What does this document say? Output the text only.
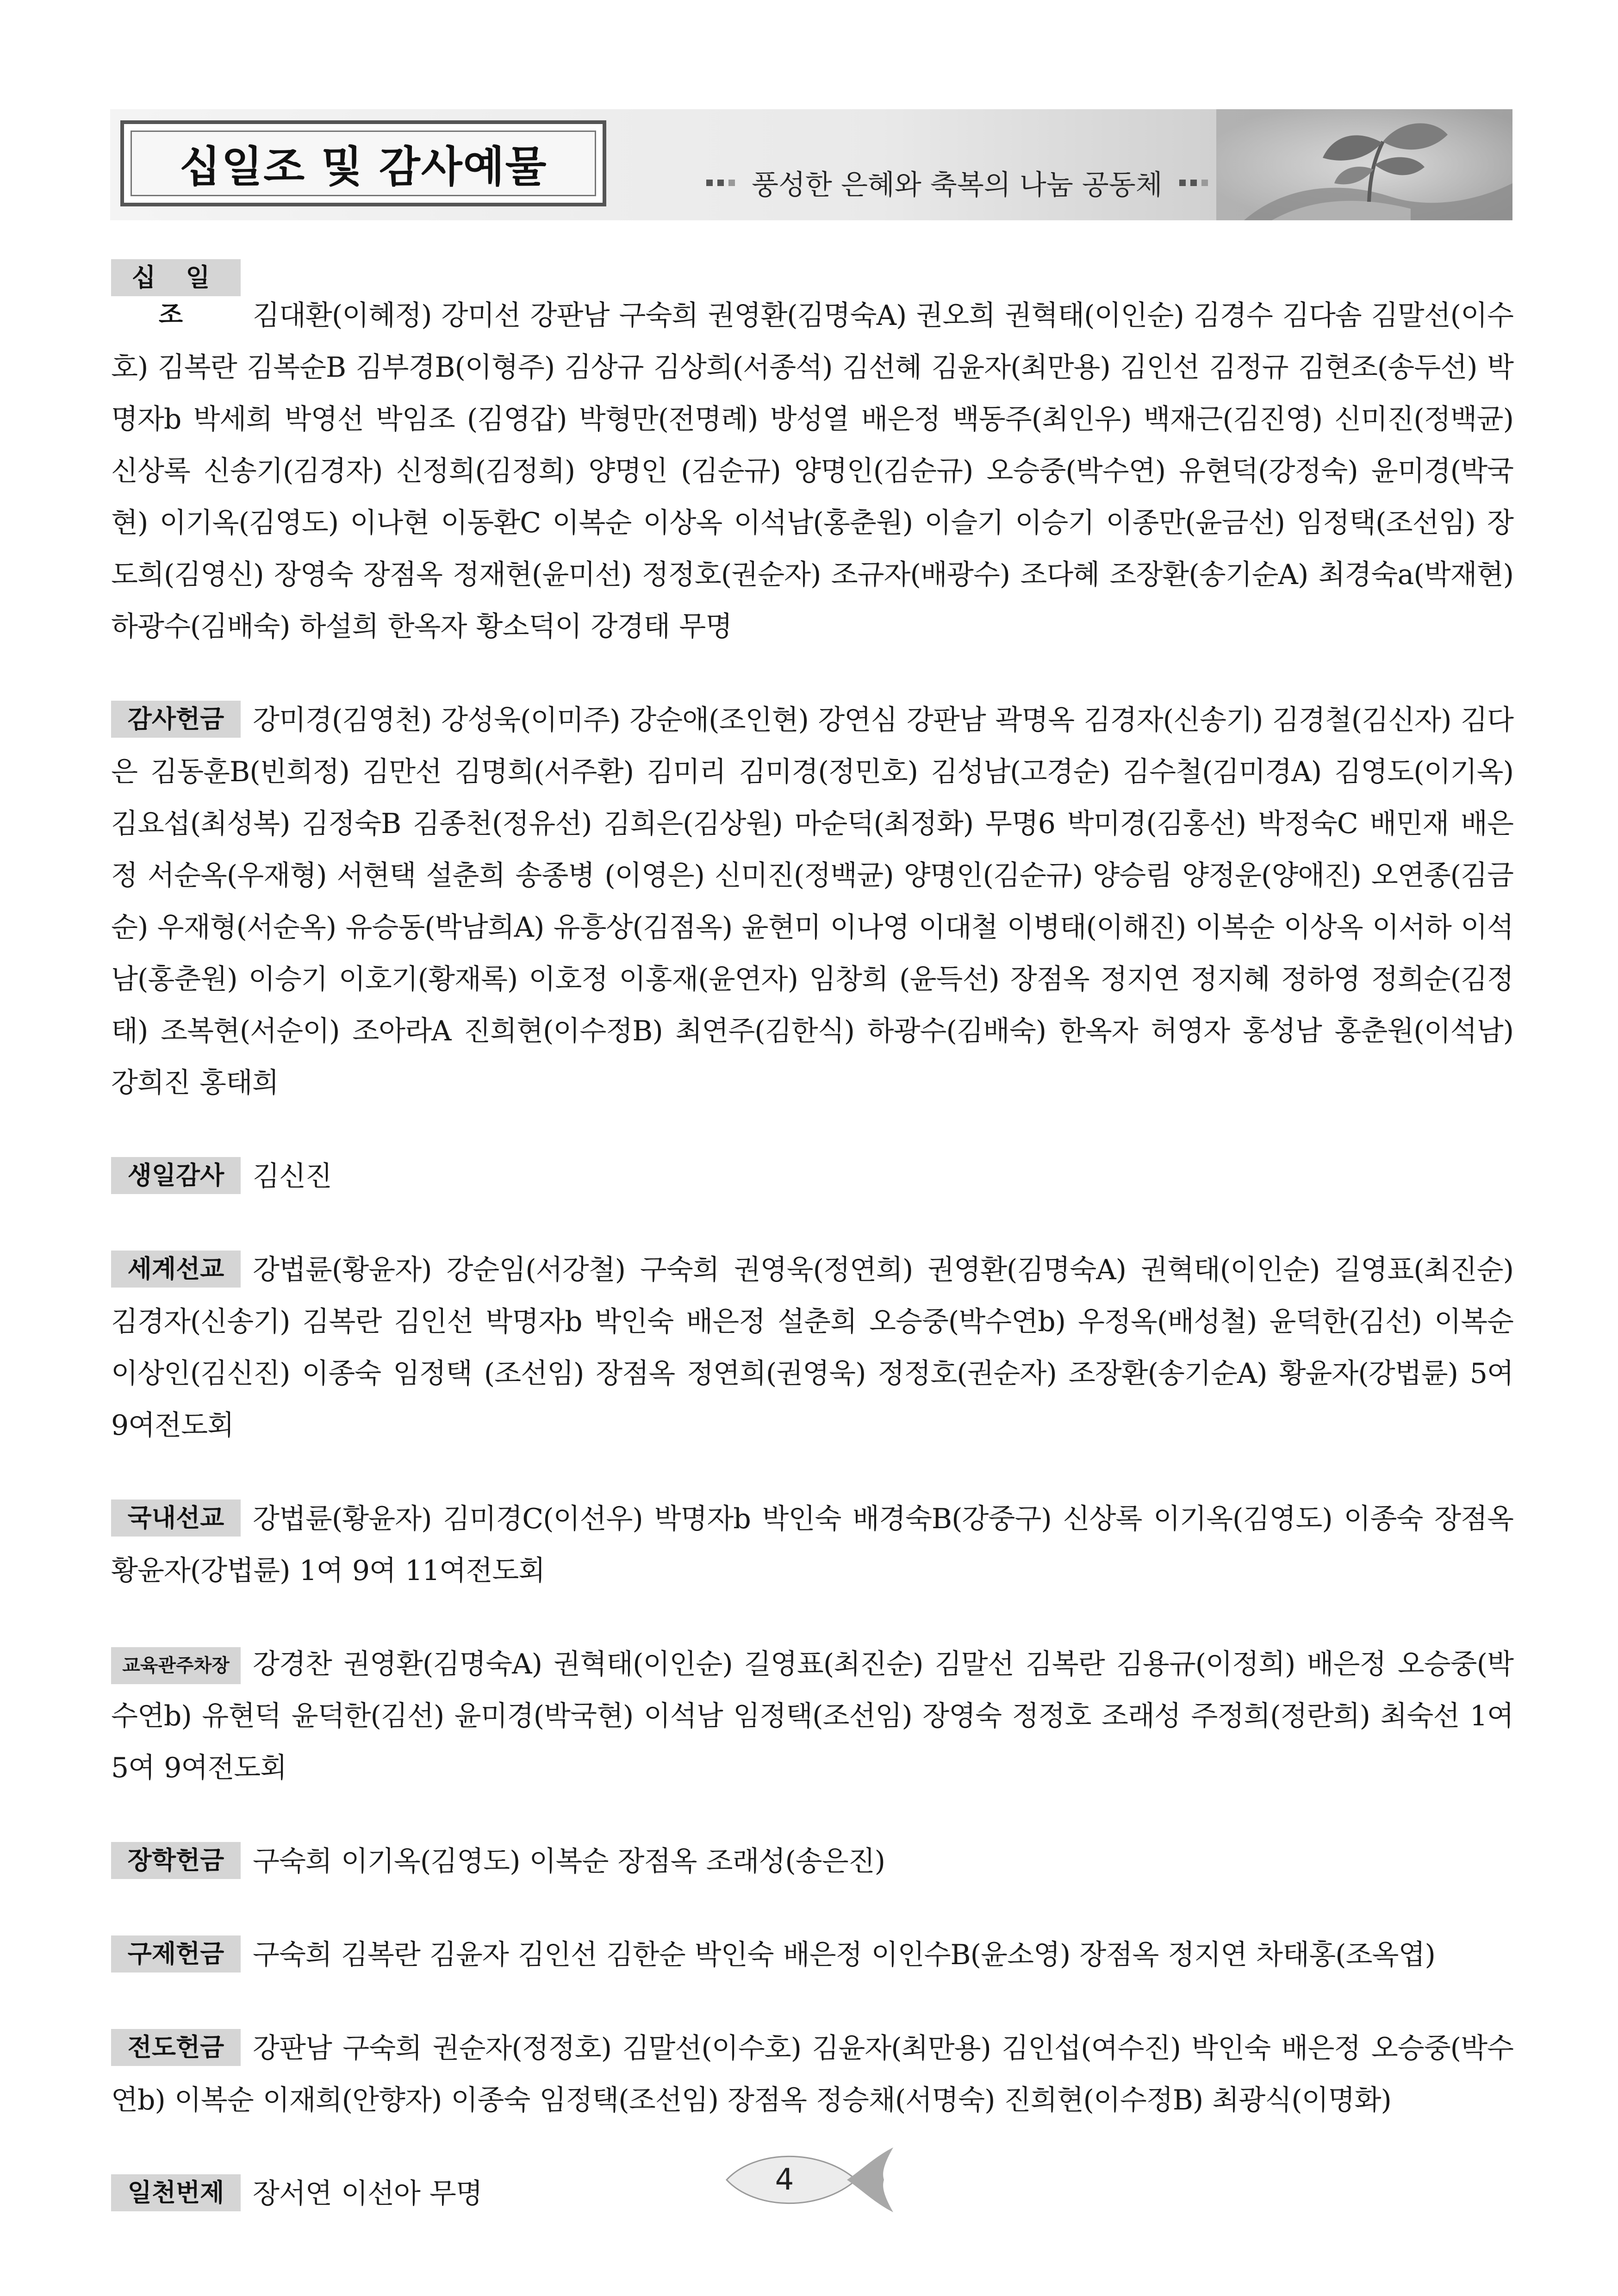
십일조 및 감사예물	풍성한 은혜와 축복의 나눔 공동체

십 일 조 김대환(이혜정) 강미선 강판남 구숙희 권영환(김명숙A) 권오희 권혁태(이인순) 김경수 김다솜 김말선(이수호) 김복란 김복순B 김부경B(이형주) 김상규 김상희(서종석) 김선혜 김윤자(최만용) 김인선 김정규 김현조(송두선) 박명자b 박세희 박영선 박임조 (김영갑) 박형만(전명례) 방성열 배은정 백동주(최인우) 백재근(김진영) 신미진(정백균) 신상록 신송기(김경자) 신정희(김정희) 양명인 (김순규) 양명인(김순규) 오승중(박수연) 유현덕(강정숙) 윤미경(박국현) 이기옥(김영도) 이나현 이동환C 이복순 이상옥 이석남(홍춘원) 이슬기 이승기 이종만(윤금선) 임정택(조선임) 장도희(김영신) 장영숙 장점옥 정재현(윤미선) 정정호(권순자) 조규자(배광수) 조다혜 조장환(송기순A) 최경숙a(박재현) 하광수(김배숙) 하설희 한옥자 황소덕이 강경태 무명

감사헌금 강미경(김영천) 강성욱(이미주) 강순애(조인현) 강연심 강판남 곽명옥 김경자(신송기) 김경철(김신자) 김다은 김동훈B(빈희정) 김만선 김명희(서주환) 김미리 김미경(정민호) 김성남(고경순) 김수철(김미경A) 김영도(이기옥) 김요섭(최성복) 김정숙B 김종천(정유선) 김희은(김상원) 마순덕(최정화) 무명6 박미경(김홍선) 박정숙C 배민재 배은정 서순옥(우재형) 서현택 설춘희 송종병 (이영은) 신미진(정백균) 양명인(김순규) 양승림 양정운(양애진) 오연종(김금순) 우재형(서순옥) 유승동(박남희A) 유흥상(김점옥) 윤현미 이나영 이대철 이병태(이해진) 이복순 이상옥 이서하 이석남(홍춘원) 이승기 이호기(황재록) 이호정 이홍재(윤연자) 임창희 (윤득선) 장점옥 정지연 정지혜 정하영 정희순(김정태) 조복현(서순이) 조아라A 진희현(이수정B) 최연주(김한식) 하광수(김배숙) 한옥자 허영자 홍성남 홍춘원(이석남) 강희진 홍태희

생일감사 김신진

세계선교 강법륜(황윤자) 강순임(서강철) 구숙희 권영욱(정연희) 권영환(김명숙A) 권혁태(이인순) 길영표(최진순) 김경자(신송기) 김복란 김인선 박명자b 박인숙 배은정 설춘희 오승중(박수연b) 우정옥(배성철) 윤덕한(김선) 이복순 이상인(김신진) 이종숙 임정택 (조선임) 장점옥 정연희(권영욱) 정정호(권순자) 조장환(송기순A) 황윤자(강법륜) 5여 9여전도회

국내선교 강법륜(황윤자) 김미경C(이선우) 박명자b 박인숙 배경숙B(강중구) 신상록 이기옥(김영도) 이종숙 장점옥 황윤자(강법륜) 1여 9여 11여전도회

교육관주차장 강경찬 권영환(김명숙A) 권혁태(이인순) 길영표(최진순) 김말선 김복란 김용규(이정희) 배은정 오승중(박수연b) 유현덕 윤덕한(김선) 윤미경(박국현) 이석남 임정택(조선임) 장영숙 정정호 조래성 주정희(정란희) 최숙선 1여 5여 9여전도회

장학헌금 구숙희 이기옥(김영도) 이복순 장점옥 조래성(송은진)

구제헌금 구숙희 김복란 김윤자 김인선 김한순 박인숙 배은정 이인수B(윤소영) 장점옥 정지연 차태홍(조옥엽)

전도헌금 강판남 구숙희 권순자(정정호) 김말선(이수호) 김윤자(최만용) 김인섭(여수진) 박인숙 배은정 오승중(박수연b) 이복순 이재희(안향자) 이종숙 임정택(조선임) 장점옥 정승채(서명숙) 진희현(이수정B) 최광식(이명화)

일천번제 장서연 이선아 무명	4
